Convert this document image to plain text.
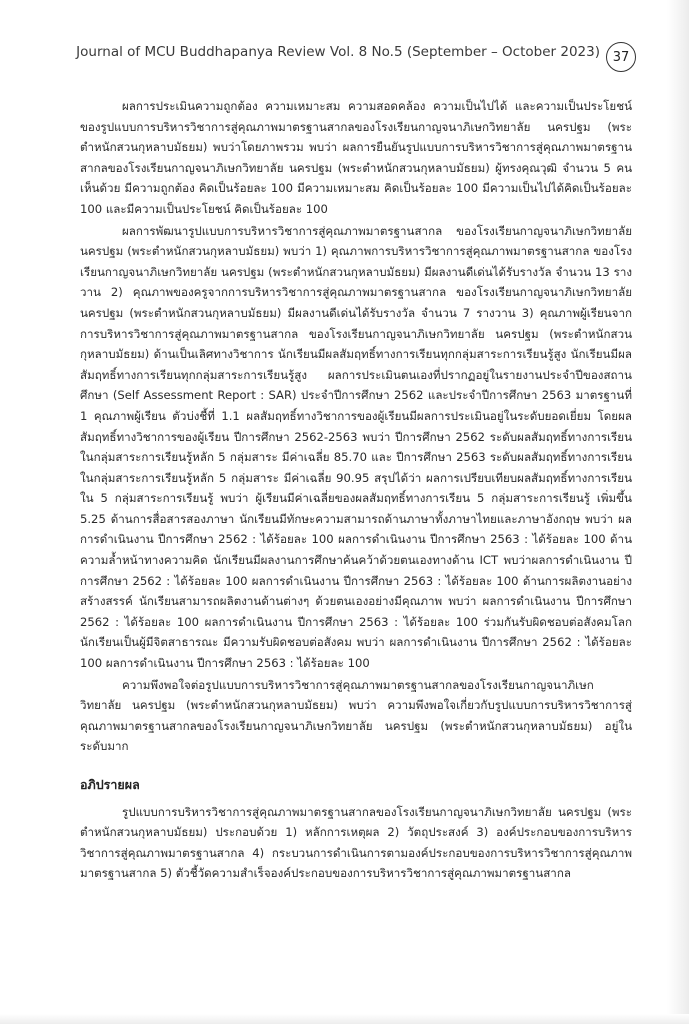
Journal of MCU Buddhapanya Review Vol. 8 No.5 (September – October 2023) 37

ผลการประเมินความถูกต้อง ความเหมาะสม ความสอดคล้อง ความเป็นไปได้ และความเป็นประโยชน์ของรูปแบบการบริหารวิชาการสู่คุณภาพมาตรฐานสากลของโรงเรียนกาญจนาภิเษกวิทยาลัย นครปฐม (พระตำหนักสวนกุหลาบมัธยม) พบว่าโดยภาพรวม พบว่า ผลการยืนยันรูปแบบการบริหารวิชาการสู่คุณภาพมาตรฐานสากลของโรงเรียนกาญจนาภิเษกวิทยาลัย นครปฐม (พระตำหนักสวนกุหลาบมัธยม) ผู้ทรงคุณวุฒิ จำนวน 5 คน เห็นด้วย มีความถูกต้อง คิดเป็นร้อยละ 100 มีความเหมาะสม คิดเป็นร้อยละ 100 มีความเป็นไปได้คิดเป็นร้อยละ 100 และมีความเป็นประโยชน์ คิดเป็นร้อยละ 100

ผลการพัฒนารูปแบบการบริหารวิชาการสู่คุณภาพมาตรฐานสากล ของโรงเรียนกาญจนาภิเษกวิทยาลัย นครปฐม (พระตำหนักสวนกุหลาบมัธยม) พบว่า 1) คุณภาพการบริหารวิชาการสู่คุณภาพมาตรฐานสากล ของโรงเรียนกาญจนาภิเษกวิทยาลัย นครปฐม (พระตำหนักสวนกุหลาบมัธยม) มีผลงานดีเด่นได้รับรางวัล จำนวน 13 รางวาน 2) คุณภาพของครูจากการบริหารวิชาการสู่คุณภาพมาตรฐานสากล ของโรงเรียนกาญจนาภิเษกวิทยาลัย นครปฐม (พระตำหนักสวนกุหลาบมัธยม) มีผลงานดีเด่นได้รับรางวัล จำนวน 7 รางวาน 3) คุณภาพผู้เรียนจากการบริหารวิชาการสู่คุณภาพมาตรฐานสากล ของโรงเรียนกาญจนาภิเษกวิทยาลัย นครปฐม (พระตำหนักสวนกุหลาบมัธยม) ด้านเป็นเลิศทางวิชาการ นักเรียนมีผลสัมฤทธิ์ทางการเรียนทุกกลุ่มสาระการเรียนรู้สูง นักเรียนมีผลสัมฤทธิ์ทางการเรียนทุกกลุ่มสาระการเรียนรู้สูง ผลการประเมินตนเองที่ปรากฏอยู่ในรายงานประจำปีของสถานศึกษา (Self Assessment Report : SAR) ประจำปีการศึกษา 2562 และประจำปีการศึกษา 2563 มาตรฐานที่ 1 คุณภาพผู้เรียน ตัวบ่งชี้ที่ 1.1 ผลสัมฤทธิ์ทางวิชาการของผู้เรียนมีผลการประเมินอยู่ในระดับยอดเยี่ยม โดยผลสัมฤทธิ์ทางวิชาการของผู้เรียน ปีการศึกษา 2562-2563 พบว่า ปีการศึกษา 2562 ระดับผลสัมฤทธิ์ทางการเรียนในกลุ่มสาระการเรียนรู้หลัก 5 กลุ่มสาระ มีค่าเฉลี่ย 85.70 และ ปีการศึกษา 2563 ระดับผลสัมฤทธิ์ทางการเรียนในกลุ่มสาระการเรียนรู้หลัก 5 กลุ่มสาระ มีค่าเฉลี่ย 90.95 สรุปได้ว่า ผลการเปรียบเทียบผลสัมฤทธิ์ทางการเรียนใน 5 กลุ่มสาระการเรียนรู้ พบว่า ผู้เรียนมีค่าเฉลี่ยของผลสัมฤทธิ์ทางการเรียน 5 กลุ่มสาระการเรียนรู้ เพิ่มขึ้น 5.25 ด้านการสื่อสารสองภาษา นักเรียนมีทักษะความสามารถด้านภาษาทั้งภาษาไทยและภาษาอังกฤษ พบว่า ผลการดำเนินงาน ปีการศึกษา 2562 : ได้ร้อยละ 100 ผลการดำเนินงาน ปีการศึกษา 2563 : ได้ร้อยละ 100 ด้านความล้ำหน้าทางความคิด นักเรียนมีผลงานการศึกษาค้นคว้าด้วยตนเองทางด้าน ICT พบว่าผลการดำเนินงาน ปีการศึกษา 2562 : ได้ร้อยละ 100 ผลการดำเนินงาน ปีการศึกษา 2563 : ได้ร้อยละ 100 ด้านการผลิตงานอย่างสร้างสรรค์ นักเรียนสามารถผลิตงานด้านต่างๆ ด้วยตนเองอย่างมีคุณภาพ พบว่า ผลการดำเนินงาน ปีการศึกษา 2562 : ได้ร้อยละ 100 ผลการดำเนินงาน ปีการศึกษา 2563 : ได้ร้อยละ 100 ร่วมกันรับผิดชอบต่อสังคมโลก นักเรียนเป็นผู้มีจิตสาธารณะ มีความรับผิดชอบต่อสังคม พบว่า ผลการดำเนินงาน ปีการศึกษา 2562 : ได้ร้อยละ 100 ผลการดำเนินงาน ปีการศึกษา 2563 : ได้ร้อยละ 100

ความพึงพอใจต่อรูปแบบการบริหารวิชาการสู่คุณภาพมาตรฐานสากลของโรงเรียนกาญจนาภิเษกวิทยาลัย นครปฐม (พระตำหนักสวนกุหลาบมัธยม) พบว่า ความพึงพอใจเกี่ยวกับรูปแบบการบริหารวิชาการสู่คุณภาพมาตรฐานสากลของโรงเรียนกาญจนาภิเษกวิทยาลัย นครปฐม (พระตำหนักสวนกุหลาบมัธยม) อยู่ในระดับมาก

อภิปรายผล

รูปแบบการบริหารวิชาการสู่คุณภาพมาตรฐานสากลของโรงเรียนกาญจนาภิเษกวิทยาลัย นครปฐม (พระตำหนักสวนกุหลาบมัธยม) ประกอบด้วย 1) หลักการเหตุผล 2) วัตถุประสงค์ 3) องค์ประกอบของการบริหารวิชาการสู่คุณภาพมาตรฐานสากล 4) กระบวนการดำเนินการตามองค์ประกอบของการบริหารวิชาการสู่คุณภาพมาตรฐานสากล 5) ตัวชี้วัดความสำเร็จองค์ประกอบของการบริหารวิชาการสู่คุณภาพมาตรฐานสากล
